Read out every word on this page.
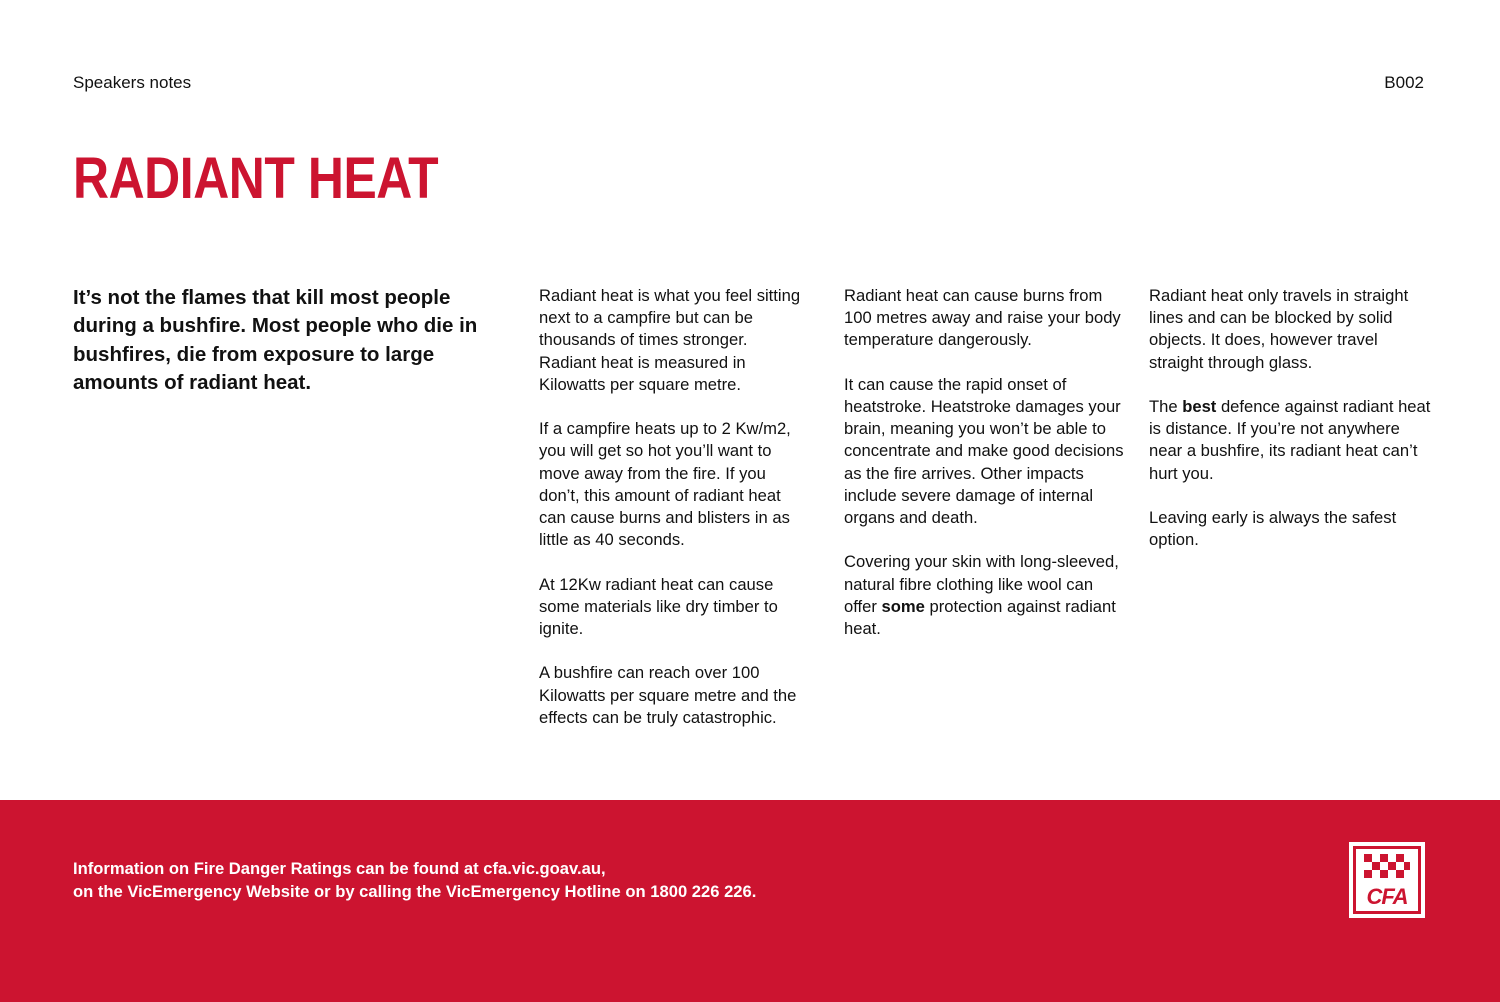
Speakers notes	B002
RADIANT HEAT

It’s not the flames that kill most people during a bushfire. Most people who die in bushfires, die from exposure to large amounts of radiant heat.

Radiant heat is what you feel sitting next to a campfire but can be thousands of times stronger. Radiant heat is measured in Kilowatts per square metre.

If a campfire heats up to 2 Kw/m2, you will get so hot you’ll want to move away from the fire. If you don’t, this amount of radiant heat can cause burns and blisters in as little as 40 seconds.

At 12Kw radiant heat can cause some materials like dry timber to ignite.

A bushfire can reach over 100 Kilowatts per square metre and the effects can be truly catastrophic.

Radiant heat can cause burns from 100 metres away and raise your body temperature dangerously.

It can cause the rapid onset of heatstroke. Heatstroke damages your brain, meaning you won’t be able to concentrate and make good decisions as the fire arrives. Other impacts include severe damage of internal organs and death.

Covering your skin with long-sleeved, natural fibre clothing like wool can offer some protection against radiant heat.

Radiant heat only travels in straight lines and can be blocked by solid objects. It does, however travel straight through glass.

The best defence against radiant heat is distance. If you’re not anywhere near a bushfire, its radiant heat can’t hurt you.

Leaving early is always the safest option.

Information on Fire Danger Ratings can be found at cfa.vic.goav.au,
on the VicEmergency Website or by calling the VicEmergency Hotline on 1800 226 226.	CFA
